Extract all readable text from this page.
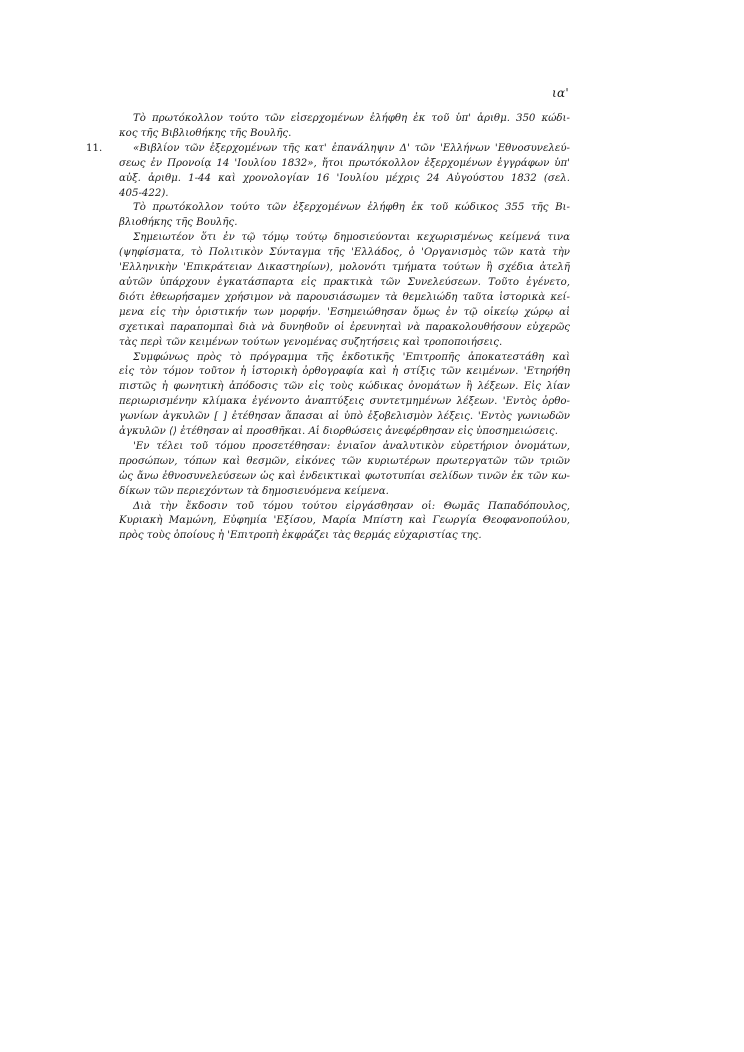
ια'
Τὸ πρωτόκολλον τούτο τῶν εἰσερχομένων ἐλήφθη ἐκ τοῦ ὑπ' ἀριθμ. 350 κώδι-
κος τῆς Βιβλιοθήκης τῆς Βουλῆς.
11.	«Βιβλίον τῶν ἐξερχομένων τῆς κατ' ἐπανάληψιν Δ' τῶν 'Ελλήνων 'Εθνοσυνελεύ-
σεως ἐν Προνοίᾳ 14 'Ιουλίου 1832», ἤτοι πρωτόκολλον ἐξερχομένων ἐγγράφων ὑπ'
αὐξ. ἀριθμ. 1-44 καὶ χρονολογίαν 16 'Ιουλίου μέχρις 24 Αὐγούστου 1832 (σελ.
405-422).
Τὸ πρωτόκολλον τούτο τῶν ἐξερχομένων ἐλήφθη ἐκ τοῦ κώδικος 355 τῆς Βι-
βλιοθήκης τῆς Βουλῆς.
Σημειωτέον ὅτι ἐν τῷ τόμῳ τούτῳ δημοσιεύονται κεχωρισμένως κείμενά τινα
(ψηφίσματα, τὸ Πολιτικὸν Σύνταγμα τῆς 'Ελλάδος, ὁ 'Οργανισμὸς τῶν κατὰ τὴν
'Ελληνικὴν 'Επικράτειαν Δικαστηρίων), μολονότι τμήματα τούτων ἢ σχέδια ἀτελῆ
αὐτῶν ὑπάρχουν ἐγκατάσπαρτα εἰς πρακτικὰ τῶν Συνελεύσεων. Τοῦτο ἐγένετο,
διότι ἐθεωρήσαμεν χρήσιμον νὰ παρουσιάσωμεν τὰ θεμελιώδη ταῦτα ἱστορικὰ κεί-
μενα εἰς τὴν ὁριστικήν των μορφήν. 'Εσημειώθησαν ὅμως ἐν τῷ οἰκείῳ χώρῳ αἱ
σχετικαὶ παραπομπαὶ διὰ νὰ δυνηθοῦν οἱ ἐρευνηταὶ νὰ παρακολουθήσουν εὐχερῶς
τὰς περὶ τῶν κειμένων τούτων γενομένας συζητήσεις καὶ τροποποιήσεις.
Συμφώνως πρὸς τὸ πρόγραμμα τῆς ἐκδοτικῆς 'Επιτροπῆς ἀποκατεστάθη καὶ
εἰς τὸν τόμον τοῦτον ἡ ἱστορικὴ ὀρθογραφία καὶ ἡ στίξις τῶν κειμένων. 'Ετηρήθη
πιστῶς ἡ φωνητικὴ ἀπόδοσις τῶν εἰς τοὺς κώδικας ὀνομάτων ἢ λέξεων. Εἰς λίαν
περιωρισμένην κλίμακα ἐγένοντο ἀναπτύξεις συντετμημένων λέξεων. 'Εντὸς ὀρθο-
γωνίων ἀγκυλῶν [ ] ἐτέθησαν ἅπασαι αἱ ὑπὸ ἐξοβελισμὸν λέξεις. 'Εντὸς γωνιωδῶν
ἀγκυλῶν ⟨⟩ ἐτέθησαν αἱ προσθῆκαι. Αἱ διορθώσεις ἀνεφέρθησαν εἰς ὑποσημειώσεις.
'Εν τέλει τοῦ τόμου προσετέθησαν: ἑνιαῖον ἀναλυτικὸν εὑρετήριον ὀνομάτων,
προσώπων, τόπων καὶ θεσμῶν, εἰκόνες τῶν κυριωτέρων πρωτεργατῶν τῶν τριῶν
ὡς ἄνω ἐθνοσυνελεύσεων ὡς καὶ ἐνδεικτικαὶ φωτοτυπίαι σελίδων τινῶν ἐκ τῶν κω-
δίκων τῶν περιεχόντων τὰ δημοσιευόμενα κείμενα.
Διὰ τὴν ἔκδοσιν τοῦ τόμου τούτου εἰργάσθησαν οἱ: Θωμᾶς Παπαδόπουλος,
Κυριακὴ Μαμώνη, Εὐφημία 'Εξίσου, Μαρία Μπίστη καὶ Γεωργία Θεοφανοπούλου,
πρὸς τοὺς ὁποίους ἡ 'Επιτροπὴ ἐκφράζει τὰς θερμάς εὐχαριστίας της.
